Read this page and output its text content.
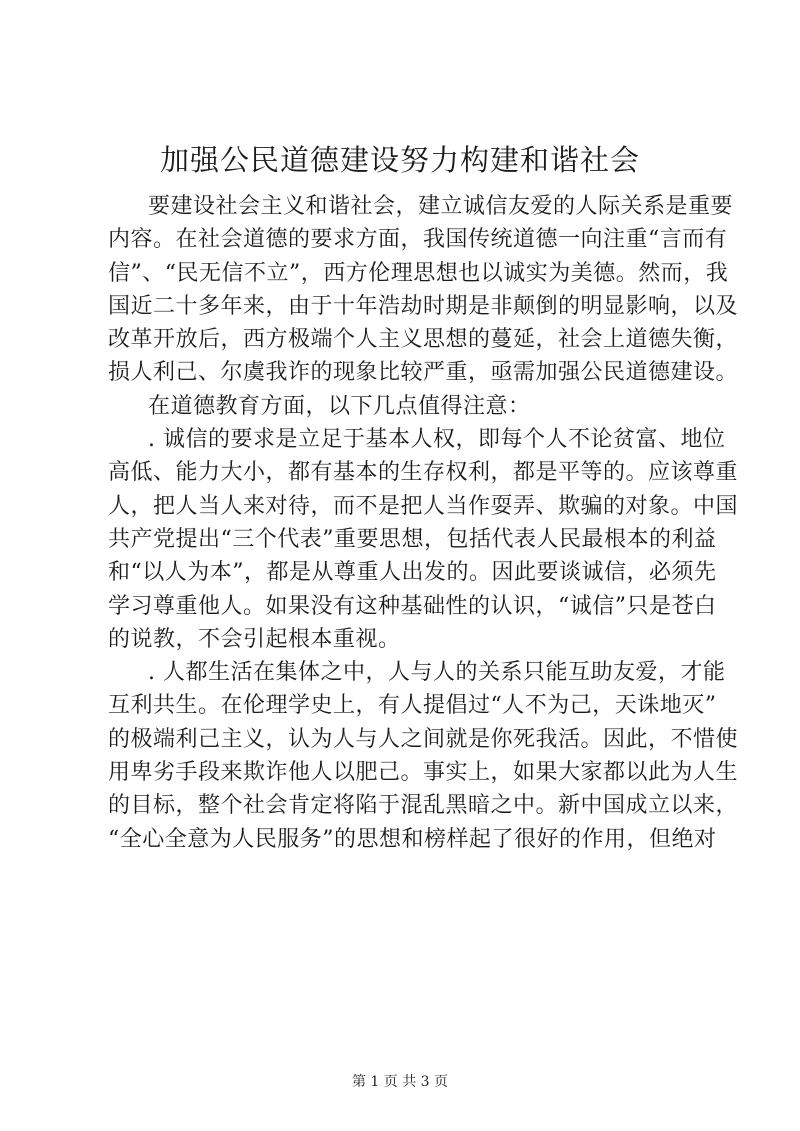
加强公民道德建设努力构建和谐社会
要建设社会主义和谐社会，建立诚信友爱的人际关系是重要
内容。在社会道德的要求方面，我国传统道德一向注重“言而有
信”、“民无信不立”，西方伦理思想也以诚实为美德。然而，我
国近二十多年来，由于十年浩劫时期是非颠倒的明显影响，以及
改革开放后，西方极端个人主义思想的蔓延，社会上道德失衡，
损人利己、尔虞我诈的现象比较严重，亟需加强公民道德建设。
在道德教育方面，以下几点值得注意：
. 诚信的要求是立足于基本人权，即每个人不论贫富、地位
高低、能力大小，都有基本的生存权利，都是平等的。应该尊重
人，把人当人来对待，而不是把人当作耍弄、欺骗的对象。中国
共产党提出“三个代表”重要思想，包括代表人民最根本的利益
和“以人为本”，都是从尊重人出发的。因此要谈诚信，必须先
学习尊重他人。如果没有这种基础性的认识，“诚信”只是苍白
的说教，不会引起根本重视。
. 人都生活在集体之中，人与人的关系只能互助友爱，才能
互利共生。在伦理学史上，有人提倡过“人不为己，天诛地灭”
的极端利己主义，认为人与人之间就是你死我活。因此，不惜使
用卑劣手段来欺诈他人以肥己。事实上，如果大家都以此为人生
的目标，整个社会肯定将陷于混乱黑暗之中。新中国成立以来，
“全心全意为人民服务”的思想和榜样起了很好的作用，但绝对
第 1 页 共 3 页
